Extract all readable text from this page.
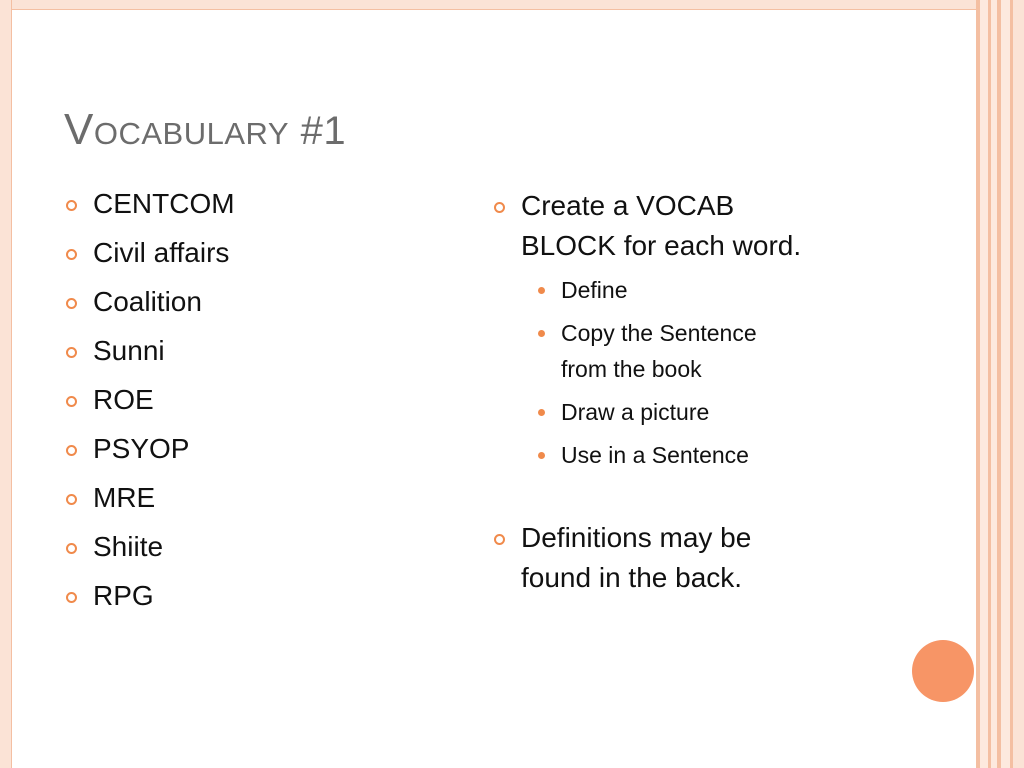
VOCABULARY #1
CENTCOM
Civil affairs
Coalition
Sunni
ROE
PSYOP
MRE
Shiite
RPG
Create a VOCAB
BLOCK for each word.
Define
Copy the Sentence
from the book
Draw a picture
Use in a Sentence
Definitions may be
found in the back.
